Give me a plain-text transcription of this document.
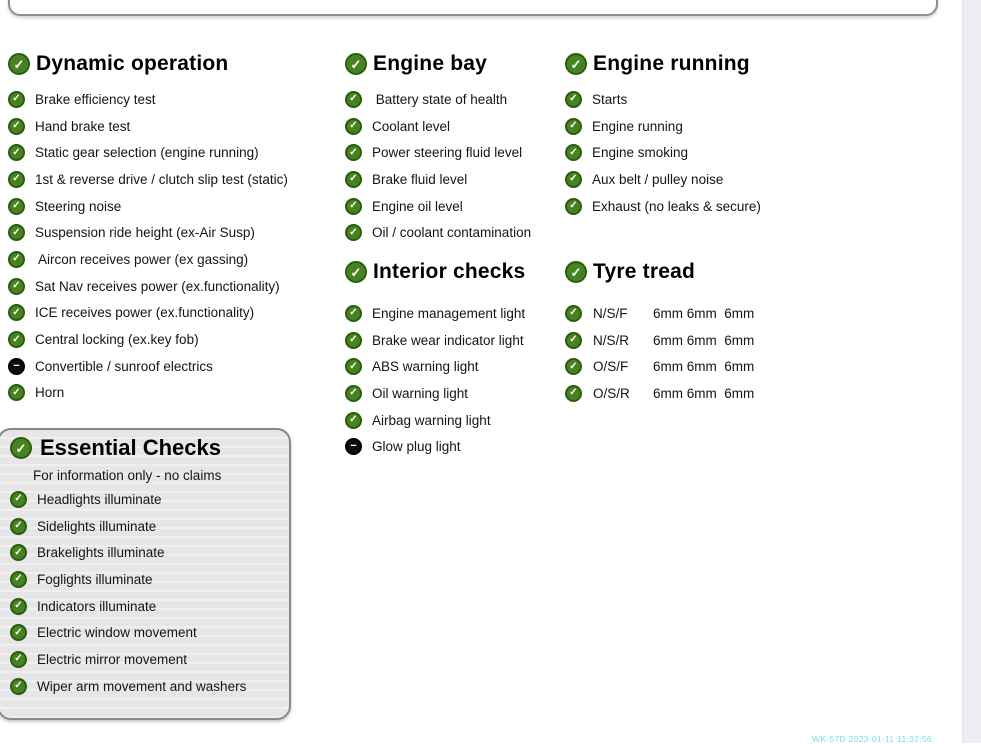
✓
Dynamic operation
✓
Brake efficiency test
✓
Hand brake test
✓
Static gear selection (engine running)
✓
1st & reverse drive / clutch slip test (static)
✓
Steering noise
✓
Suspension ride height (ex-Air Susp)
✓
Aircon receives power (ex gassing)
✓
Sat Nav receives power (ex.functionality)
✓
ICE receives power (ex.functionality)
✓
Central locking (ex.key fob)
−
Convertible / sunroof electrics
✓
Horn
✓
Engine bay
✓
Battery state of health
✓
Coolant level
✓
Power steering fluid level
✓
Brake fluid level
✓
Engine oil level
✓
Oil / coolant contamination
✓
Interior checks
✓
Engine management light
✓
Brake wear indicator light
✓
ABS warning light
✓
Oil warning light
✓
Airbag warning light
−
Glow plug light
✓
Engine running
✓
Starts
✓
Engine running
✓
Engine smoking
✓
Aux belt / pulley noise
✓
Exhaust (no leaks & secure)
✓
Tyre tread
✓
N/S/F	6mm 6mm  6mm
✓
N/S/R	6mm 6mm  6mm
✓
O/S/F	6mm 6mm  6mm
✓
O/S/R	6mm 6mm  6mm
✓
Essential Checks
For information only - no claims
✓
Headlights illuminate
✓
Sidelights illuminate
✓
Brakelights illuminate
✓
Foglights illuminate
✓
Indicators illuminate
✓
Electric window movement
✓
Electric mirror movement
✓
Wiper arm movement and washers
WK-57D 2023-01-11 11:32:56
